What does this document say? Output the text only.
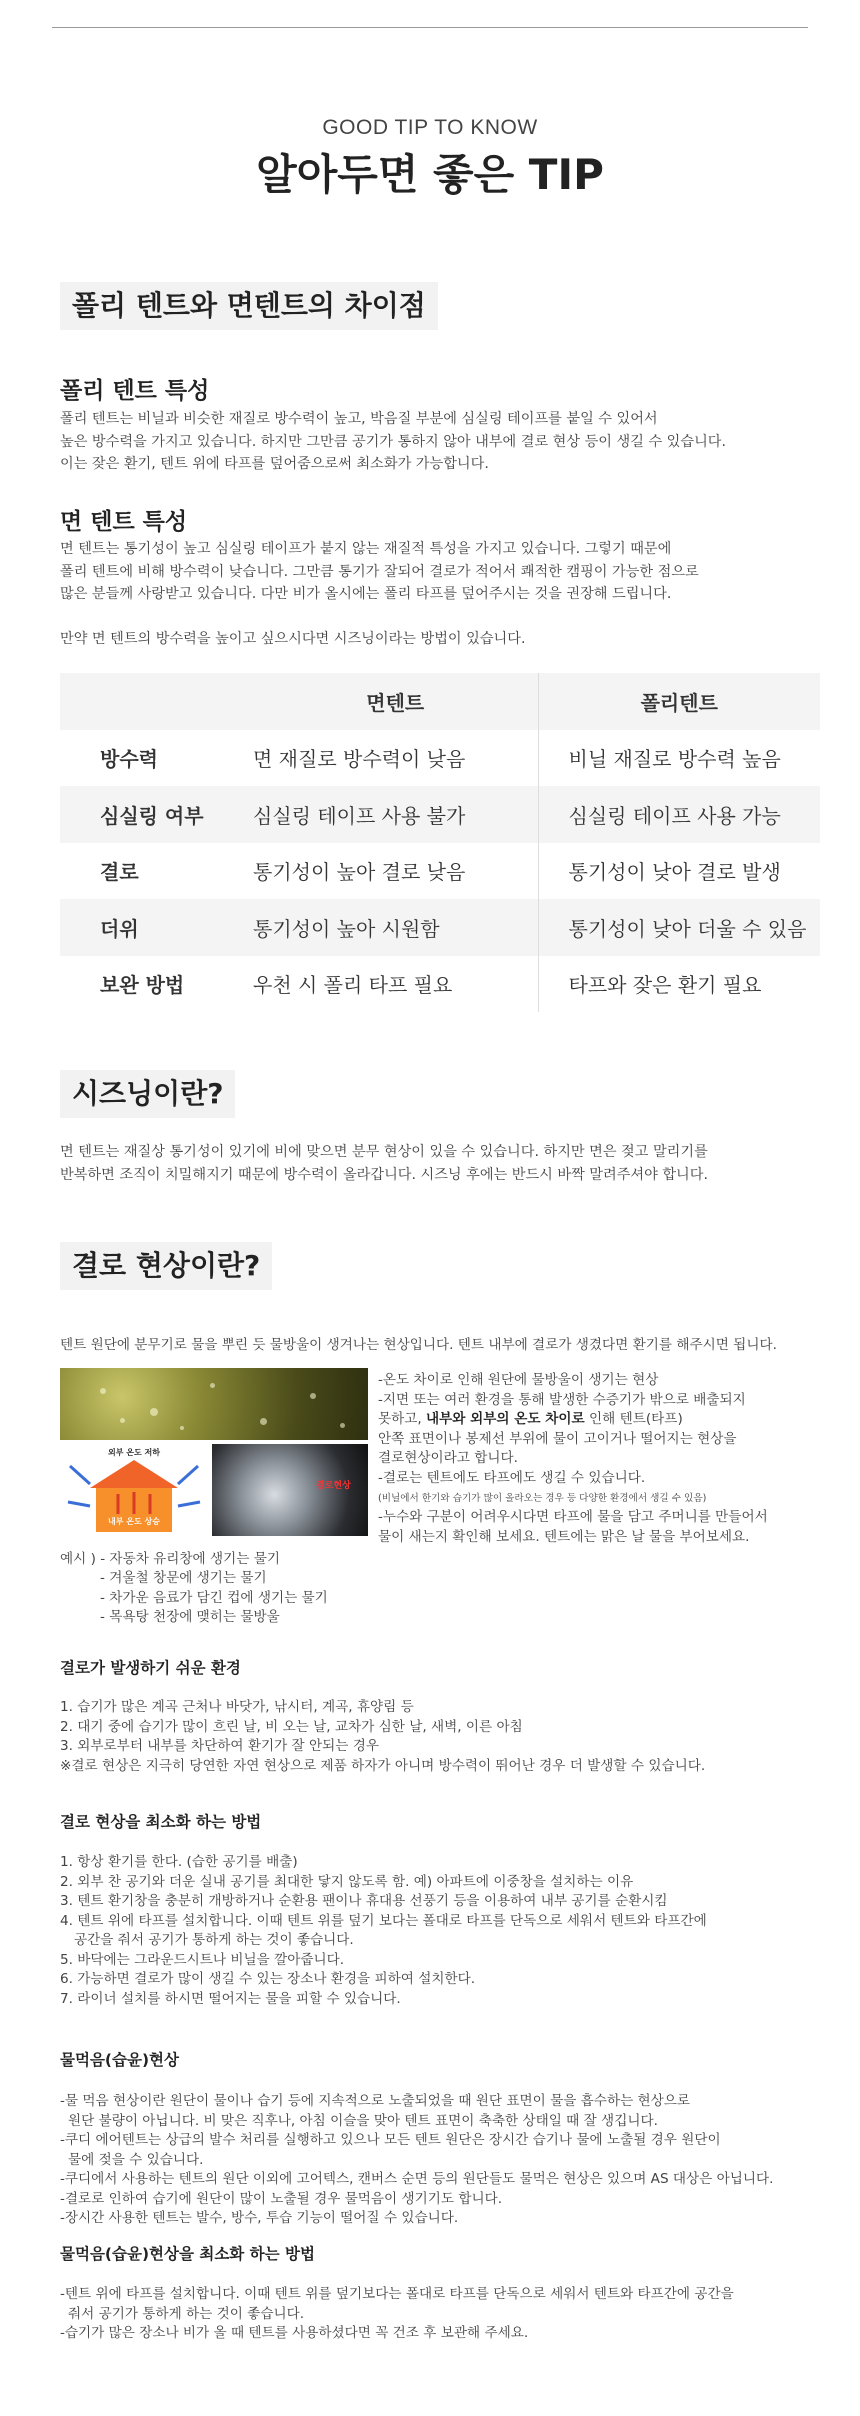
GOOD TIP TO KNOW
알아두면 좋은 TIP
폴리 텐트와 면텐트의 차이점
폴리 텐트 특성
폴리 텐트는 비닐과 비슷한 재질로 방수력이 높고, 박음질 부분에 심실링 테이프를 붙일 수 있어서
높은 방수력을 가지고 있습니다. 하지만 그만큼 공기가 통하지 않아 내부에 결로 현상 등이 생길 수 있습니다.
이는 잦은 환기, 텐트 위에 타프를 덮어줌으로써 최소화가 가능합니다.
면 텐트 특성
면 텐트는 통기성이 높고 심실링 테이프가 붙지 않는 재질적 특성을 가지고 있습니다. 그렇기 때문에
폴리 텐트에 비해 방수력이 낮습니다. 그만큼 통기가 잘되어 결로가 적어서 쾌적한 캠핑이 가능한 점으로
많은 분들께 사랑받고 있습니다. 다만 비가 올시에는 폴리 타프를 덮어주시는 것을 권장해 드립니다.
만약 면 텐트의 방수력을 높이고 싶으시다면 시즈닝이라는 방법이 있습니다.
	면텐트	폴리텐트
방수력	면 재질로 방수력이 낮음	비닐 재질로 방수력 높음
심실링 여부	심실링 테이프 사용 불가	심실링 테이프 사용 가능
결로	통기성이 높아 결로 낮음	통기성이 낮아 결로 발생
더위	통기성이 높아 시원함	통기성이 낮아 더울 수 있음
보완 방법	우천 시 폴리 타프 필요	타프와 잦은 환기 필요
시즈닝이란?
면 텐트는 재질상 통기성이 있기에 비에 맞으면 분무 현상이 있을 수 있습니다. 하지만 면은 젖고 말리기를
반복하면 조직이 치밀해지기 때문에 방수력이 올라갑니다. 시즈닝 후에는 반드시 바짝 말려주셔야 합니다.
결로 현상이란?
텐트 원단에 분무기로 물을 뿌린 듯 물방울이 생겨나는 현상입니다. 텐트 내부에 결로가 생겼다면 환기를 해주시면 됩니다.
외부 온도 저하
내부 온도 상승
결로현상
-온도 차이로 인해 원단에 물방울이 생기는 현상
-지면 또는 여러 환경을 통해 발생한 수증기가 밖으로 배출되지
못하고, 내부와 외부의 온도 차이로 인해 텐트(타프)
안쪽 표면이나 봉제선 부위에 물이 고이거나 떨어지는 현상을
결로현상이라고 합니다.
-결로는 텐트에도 타프에도 생길 수 있습니다.
(비닐에서 한기와 습기가 많이 올라오는 경우 등 다양한 환경에서 생길 수 있음)
-누수와 구분이 어려우시다면 타프에 물을 담고 주머니를 만들어서
물이 새는지 확인해 보세요. 텐트에는 맑은 날 물을 부어보세요.
예시 ) - 자동차 유리창에 생기는 물기
- 겨울철 창문에 생기는 물기
- 차가운 음료가 담긴 컵에 생기는 물기
- 목욕탕 천장에 맺히는 물방울
결로가 발생하기 쉬운 환경
1. 습기가 많은 계곡 근처나 바닷가, 낚시터, 계곡, 휴양림 등
2. 대기 중에 습기가 많이 흐린 날, 비 오는 날, 교차가 심한 날, 새벽, 이른 아침
3. 외부로부터 내부를 차단하여 환기가 잘 안되는 경우
※결로 현상은 지극히 당연한 자연 현상으로 제품 하자가 아니며 방수력이 뛰어난 경우 더 발생할 수 있습니다.
결로 현상을 최소화 하는 방법
1. 항상 환기를 한다. (습한 공기를 배출)
2. 외부 찬 공기와 더운 실내 공기를 최대한 닿지 않도록 함. 예) 아파트에 이중창을 설치하는 이유
3. 텐트 환기창을 충분히 개방하거나 순환용 팬이나 휴대용 선풍기 등을 이용하여 내부 공기를 순환시킴
4. 텐트 위에 타프를 설치합니다. 이때 텐트 위를 덮기 보다는 폴대로 타프를 단독으로 세워서 텐트와 타프간에
공간을 줘서 공기가 통하게 하는 것이 좋습니다.
5. 바닥에는 그라운드시트나 비닐을 깔아줍니다.
6. 가능하면 결로가 많이 생길 수 있는 장소나 환경을 피하여 설치한다.
7. 라이너 설치를 하시면 떨어지는 물을 피할 수 있습니다.
물먹음(습윤)현상
-물 먹음 현상이란 원단이 물이나 습기 등에 지속적으로 노출되었을 때 원단 표면이 물을 흡수하는 현상으로
원단 불량이 아닙니다. 비 맞은 직후나, 아침 이슬을 맞아 텐트 표면이 축축한 상태일 때 잘 생깁니다.
-쿠디 에어텐트는 상급의 발수 처리를 실행하고 있으나 모든 텐트 원단은 장시간 습기나 물에 노출될 경우 원단이
물에 젖을 수 있습니다.
-쿠디에서 사용하는 텐트의 원단 이외에 고어텍스, 캔버스 순면 등의 원단들도 물먹은 현상은 있으며 AS 대상은 아닙니다.
-결로로 인하여 습기에 원단이 많이 노출될 경우 물먹음이 생기기도 합니다.
-장시간 사용한 텐트는 발수, 방수, 투습 기능이 떨어질 수 있습니다.
물먹음(습윤)현상을 최소화 하는 방법
-텐트 위에 타프를 설치합니다. 이때 텐트 위를 덮기보다는 폴대로 타프를 단독으로 세워서 텐트와 타프간에 공간을
줘서 공기가 통하게 하는 것이 좋습니다.
-습기가 많은 장소나 비가 올 때 텐트를 사용하셨다면 꼭 건조 후 보관해 주세요.
